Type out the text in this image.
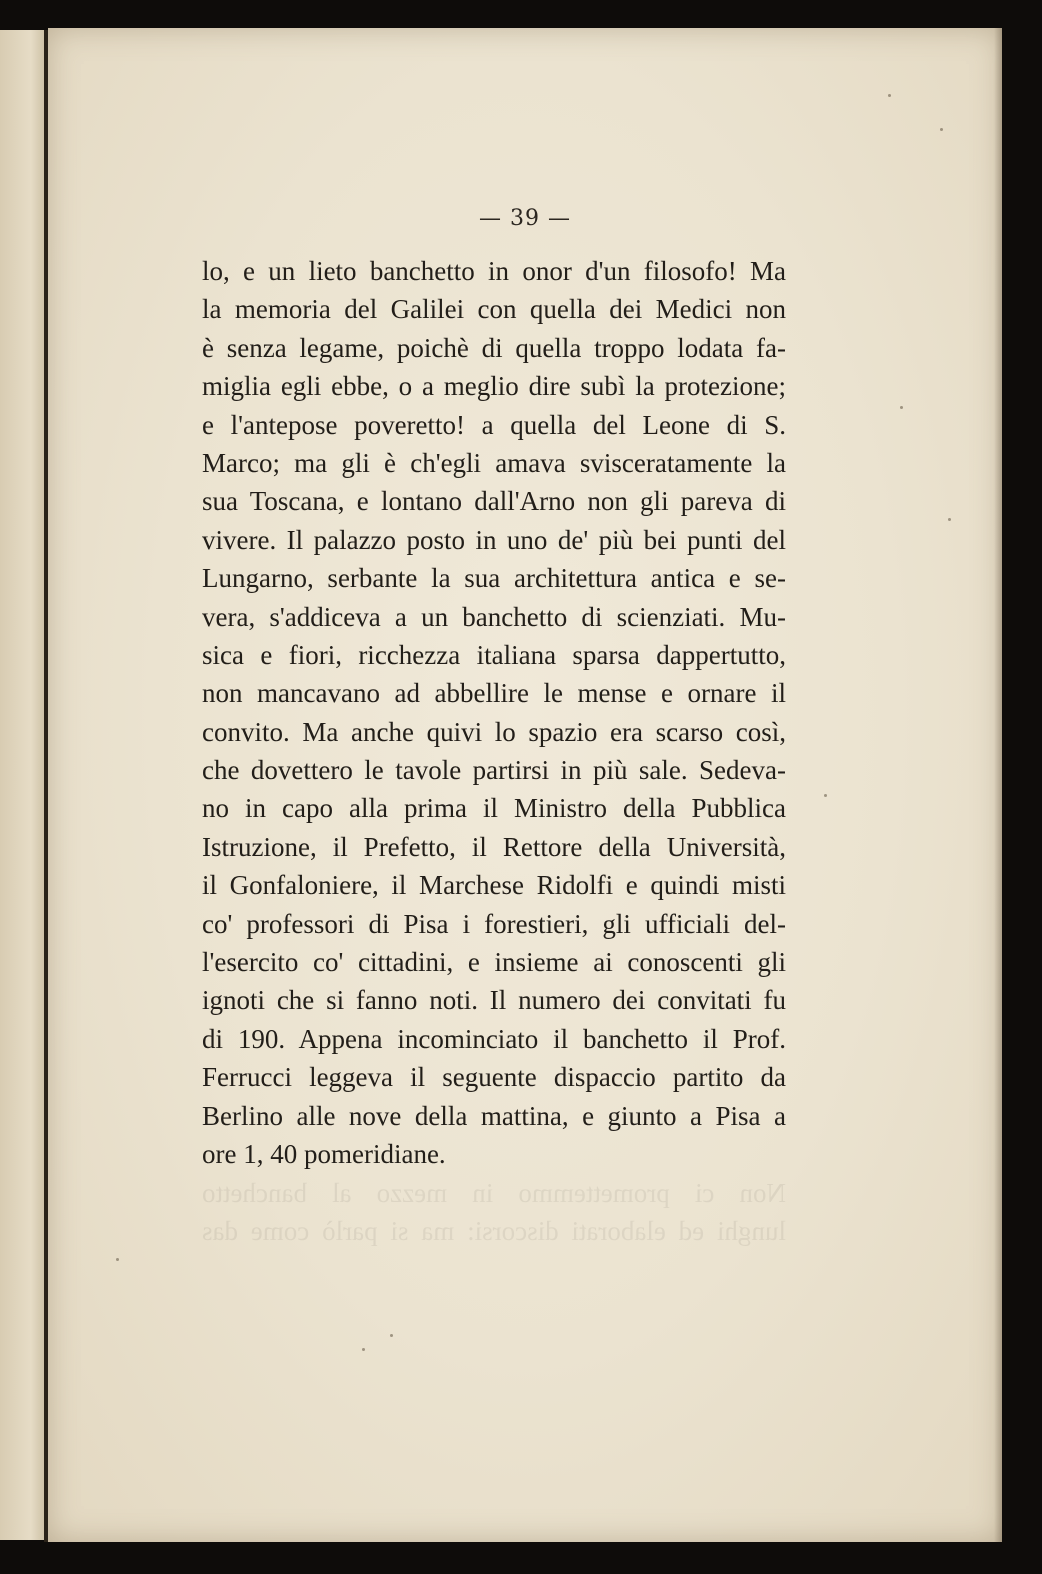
— 39 —
lo, e un lieto banchetto in onor d'un filosofo! Ma
la memoria del Galilei con quella dei Medici non
è senza legame, poichè di quella troppo lodata fa-
miglia egli ebbe, o a meglio dire subì la protezione;
e l'antepose poveretto! a quella del Leone di S.
Marco; ma gli è ch'egli amava svisceratamente la
sua Toscana, e lontano dall'Arno non gli pareva di
vivere. Il palazzo posto in uno de' più bei punti del
Lungarno, serbante la sua architettura antica e se-
vera, s'addiceva a un banchetto di scienziati. Mu-
sica e fiori, ricchezza italiana sparsa dappertutto,
non mancavano ad abbellire le mense e ornare il
convito. Ma anche quivi lo spazio era scarso così,
che dovettero le tavole partirsi in più sale. Sedeva-
no in capo alla prima il Ministro della Pubblica
Istruzione, il Prefetto, il Rettore della Università,
il Gonfaloniere, il Marchese Ridolfi e quindi misti
co' professori di Pisa i forestieri, gli ufficiali del-
l'esercito co' cittadini, e insieme ai conoscenti gli
ignoti che si fanno noti. Il numero dei convitati fu
di 190. Appena incominciato il banchetto il Prof.
Ferrucci leggeva il seguente dispaccio partito da
Berlino alle nove della mattina, e giunto a Pisa a
ore 1, 40 pomeridiane.
Non ci promettemmo in mezzo al banchetto
lunghi ed elaborati discorsi: ma si parlò come das
